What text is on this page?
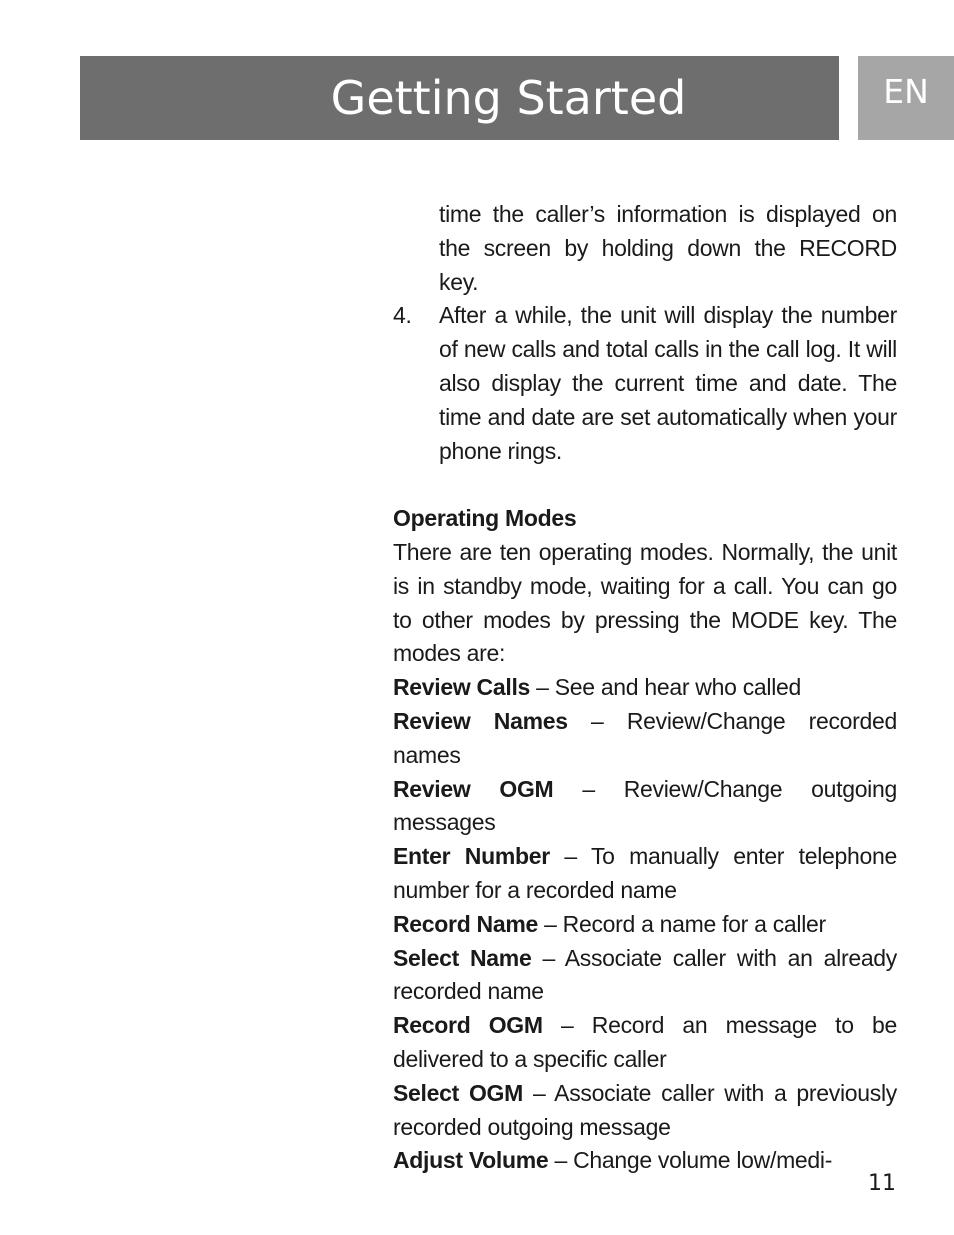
Getting Started	EN
time the caller’s information is displayed on the screen by holding down the RECORD key.
4.	After a while, the unit will display the number of new calls and total calls in the call log. It will also display the current time and date. The time and date are set automatically when your phone rings.
Operating Modes
There are ten operating modes. Normally, the unit is in standby mode, waiting for a call. You can go to other modes by pressing the MODE key. The modes are:
Review Calls – See and hear who called
Review Names – Review/Change recorded names
Review OGM – Review/Change outgoing messages
Enter Number – To manually enter telephone number for a recorded name
Record Name – Record a name for a caller
Select Name – Associate caller with an already recorded name
Record OGM – Record an message to be delivered to a specific caller
Select OGM – Associate caller with a previously recorded outgoing message
Adjust Volume – Change volume low/medi-
11
